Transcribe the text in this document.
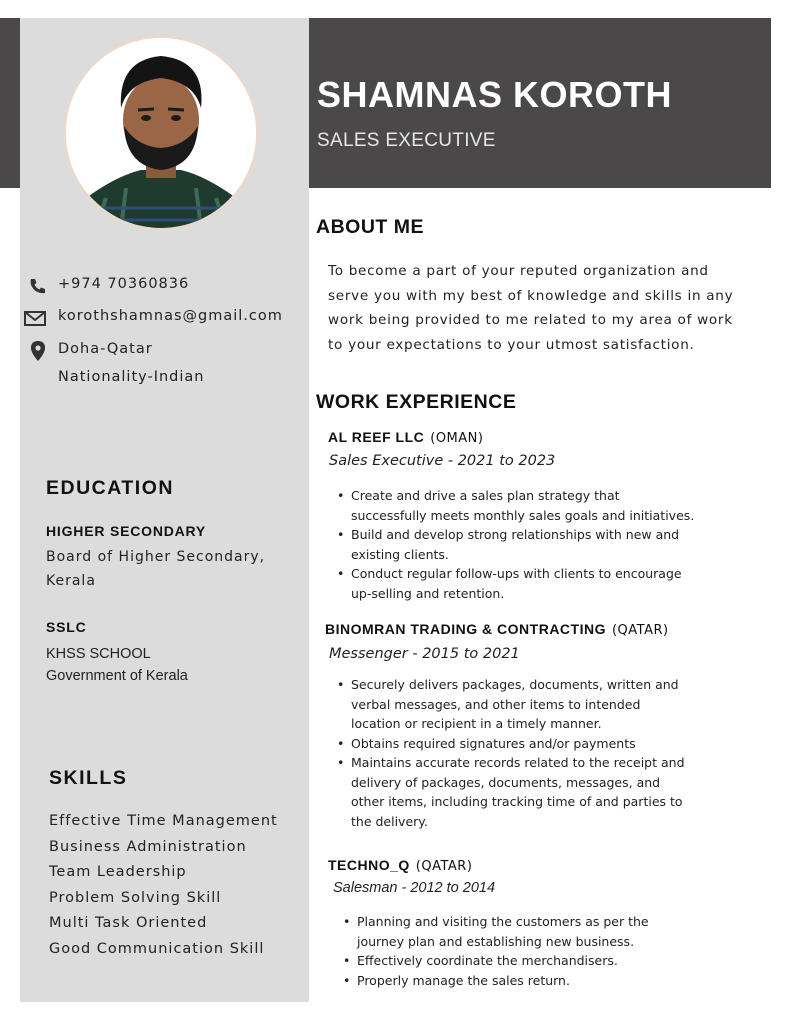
SHAMNAS KOROTH
SALES EXECUTIVE
+974 70360836
korothshamnas@gmail.com
Doha-Qatar
Nationality-Indian
EDUCATION
HIGHER SECONDARY
Board of Higher Secondary,
Kerala
SSLC
KHSS SCHOOL
Government of Kerala
SKILLS
Effective Time Management
Business Administration
Team Leadership
Problem Solving Skill
Multi Task Oriented
Good Communication Skill
ABOUT ME
To become a part of your reputed organization and
serve you with my best of knowledge and skills in any
work being provided to me related to my area of work
to your expectations to your utmost satisfaction.
WORK EXPERIENCE
AL REEF LLC (OMAN)
Sales Executive - 2021 to 2023
• Create and drive a sales plan strategy that
successfully meets monthly sales goals and initiatives.
• Build and develop strong relationships with new and
existing clients.
• Conduct regular follow-ups with clients to encourage
up-selling and retention.
BINOMRAN TRADING & CONTRACTING (QATAR)
Messenger - 2015 to 2021
• Securely delivers packages, documents, written and
verbal messages, and other items to intended
location or recipient in a timely manner.
• Obtains required signatures and/or payments
• Maintains accurate records related to the receipt and
delivery of packages, documents, messages, and
other items, including tracking time of and parties to
the delivery.
TECHNO_Q (QATAR)
Salesman - 2012 to 2014
• Planning and visiting the customers as per the
journey plan and establishing new business.
• Effectively coordinate the merchandisers.
• Properly manage the sales return.
